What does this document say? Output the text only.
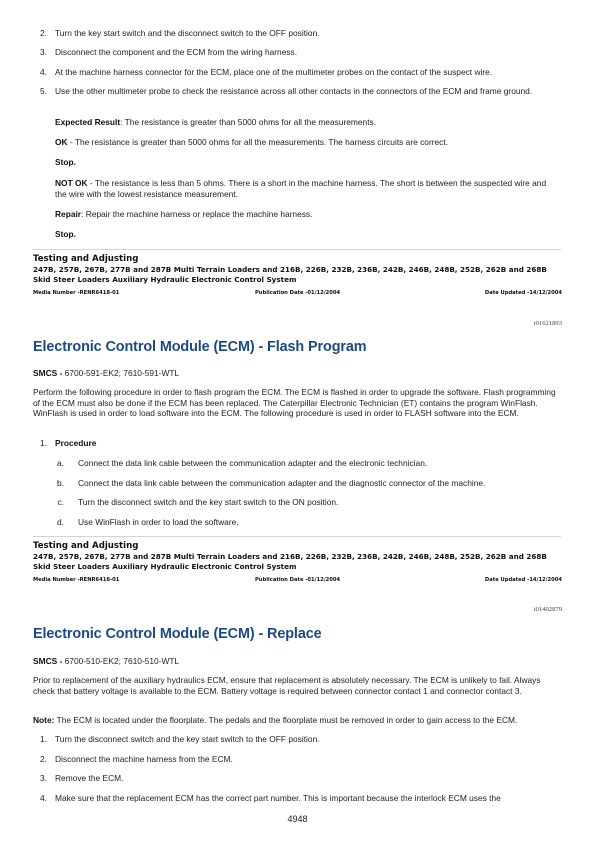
2. Turn the key start switch and the disconnect switch to the OFF position.
3. Disconnect the component and the ECM from the wiring harness.
4. At the machine harness connector for the ECM, place one of the multimeter probes on the contact of the suspect wire.
5. Use the other multimeter probe to check the resistance across all other contacts in the connectors of the ECM and frame ground.
Expected Result: The resistance is greater than 5000 ohms for all the measurements.
OK - The resistance is greater than 5000 ohms for all the measurements. The harness circuits are correct.
Stop.
NOT OK - The resistance is less than 5 ohms. There is a short in the machine harness. The short is between the suspected wire and the wire with the lowest resistance measurement.
Repair: Repair the machine harness or replace the machine harness.
Stop.
Testing and Adjusting
247B, 257B, 267B, 277B and 287B Multi Terrain Loaders and 216B, 226B, 232B, 236B, 242B, 246B, 248B, 252B, 262B and 268B Skid Steer Loaders Auxiliary Hydraulic Electronic Control System
Media Number -RENR6418-01	Publication Date -01/12/2004	Date Updated -14/12/2004
i01621893
Electronic Control Module (ECM) - Flash Program
SMCS - 6700-591-EK2; 7610-591-WTL
Perform the following procedure in order to flash program the ECM. The ECM is flashed in order to upgrade the software. Flash programming of the ECM must also be done if the ECM has been replaced. The Caterpillar Electronic Technician (ET) contains the program WinFlash. WinFlash is used in order to load software into the ECM. The following procedure is used in order to FLASH software into the ECM.
1. Procedure
a. Connect the data link cable between the communication adapter and the electronic technician.
b. Connect the data link cable between the communication adapter and the diagnostic connector of the machine.
c. Turn the disconnect switch and the key start switch to the ON position.
d. Use WinFlash in order to load the software.
Testing and Adjusting
247B, 257B, 267B, 277B and 287B Multi Terrain Loaders and 216B, 226B, 232B, 236B, 242B, 246B, 248B, 252B, 262B and 268B Skid Steer Loaders Auxiliary Hydraulic Electronic Control System
Media Number -RENR6418-01	Publication Date -01/12/2004	Date Updated -14/12/2004
i01402879
Electronic Control Module (ECM) - Replace
SMCS - 6700-510-EK2; 7610-510-WTL
Prior to replacement of the auxiliary hydraulics ECM, ensure that replacement is absolutely necessary. The ECM is unlikely to fail. Always check that battery voltage is available to the ECM. Battery voltage is required between connector contact 1 and connector contact 3.
Note: The ECM is located under the floorplate. The pedals and the floorplate must be removed in order to gain access to the ECM.
1. Turn the disconnect switch and the key start switch to the OFF position.
2. Disconnect the machine harness from the ECM.
3. Remove the ECM.
4. Make sure that the replacement ECM has the correct part number. This is important because the interlock ECM uses the
4948
